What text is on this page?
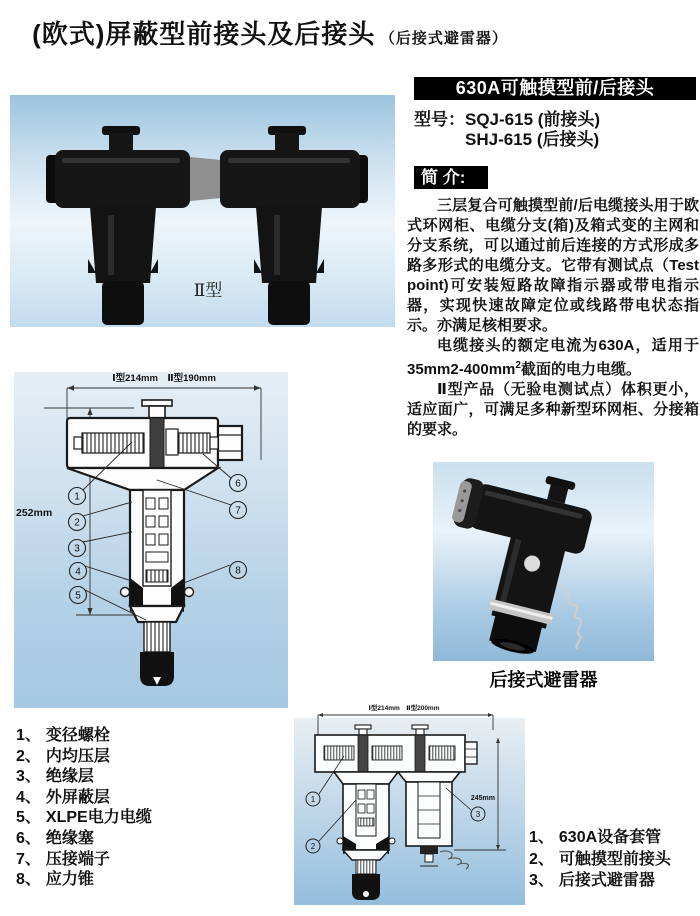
(欧式)屏蔽型前接头及后接头 （后接式避雷器）
Ⅱ型
630A可触摸型前/后接头
型号： SQJ-615 (前接头)
SHJ-615 (后接头)
简 介:

三层复合可触摸型前/后电缆接头用于欧式环网柜、电缆分支(箱)及箱式变的主网和分支系统，可以通过前后连接的方式形成多路多形式的电缆分支。它带有测试点（Test point)可安装短路故障指示器或带电指示器，实现快速故障定位或线路带电状态指示。亦满足核相要求。

电缆接头的额定电流为630A，适用于$35mm2-400mm^2$截面的电力电缆。

Ⅱ型产品（无验电测试点）体积更小，适应面广，可满足多种新型环网柜、分接箱的要求。

Ⅰ型214mm　Ⅱ型190mm
252mm
1
2
3
4
5
6
7
8
后接式避雷器
1、 变径螺栓
2、 内均压层
3、 绝缘层
4、 外屏蔽层
5、 XLPE电力电缆
6、 绝缘塞
7、 压接端子
8、 应力锥
Ⅰ型214mm　Ⅱ型200mm
245mm
1
2
3
1、 630A设备套管
2、 可触摸型前接头
3、 后接式避雷器
